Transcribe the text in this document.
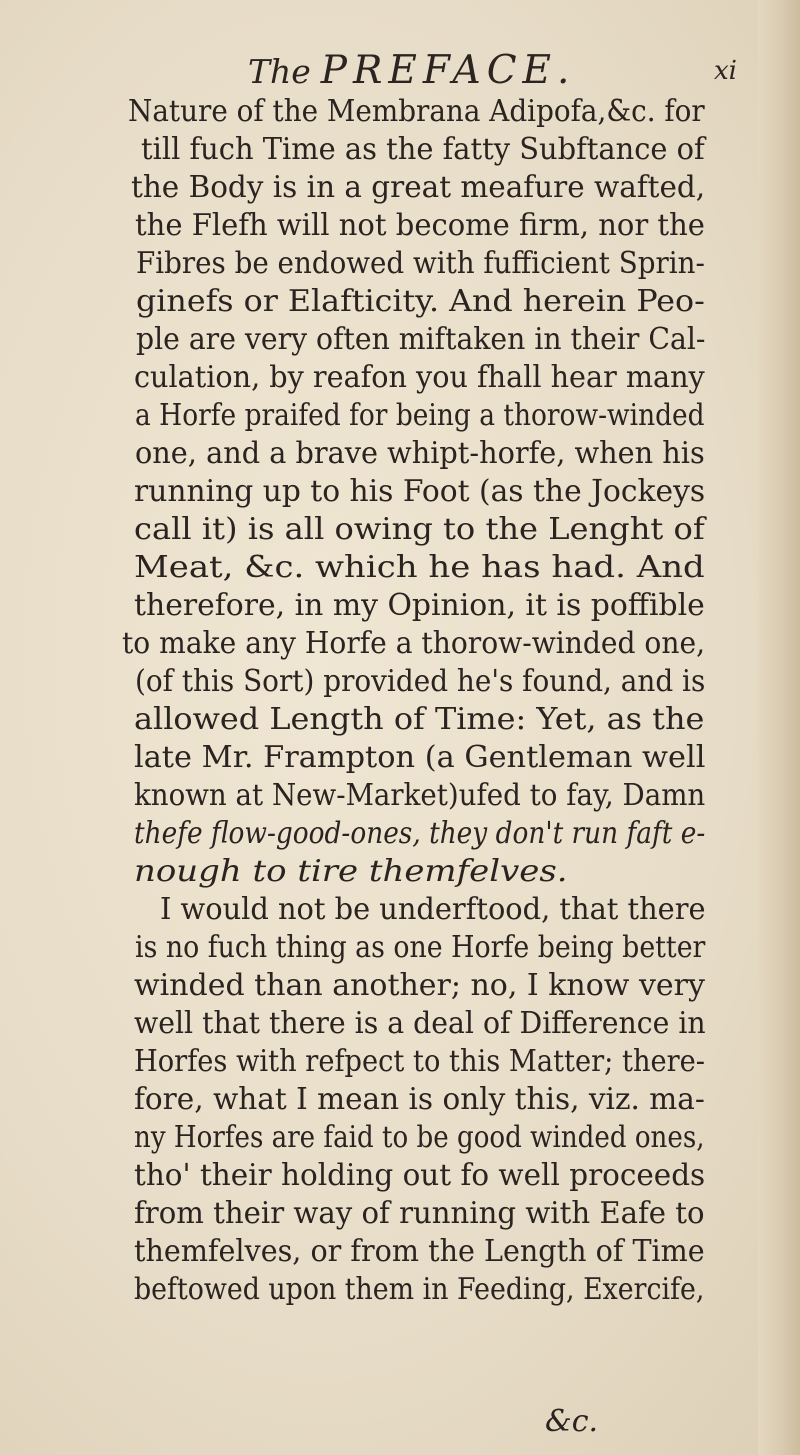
The PREFACE.	xi
Nature of the Membrana Adipofa,&c. for
till fuch Time as the fatty Subftance of
the Body is in a great meafure wafted,
the Flefh will not become firm, nor the
Fibres be endowed with fufficient Sprin-
ginefs or Elafticity. And herein Peo-
ple are very often miftaken in their Cal-
culation, by reafon you fhall hear many
a Horfe praifed for being a thorow-winded
one, and a brave whipt-horfe, when his
running up to his Foot (as the Jockeys
call it) is all owing to the Lenght of
Meat, &c. which he has had. And
therefore, in my Opinion, it is poffible
to make any Horfe a thorow-winded one,
(of this Sort) provided he's found, and is
allowed Length of Time: Yet, as the
late Mr. Frampton (a Gentleman well
known at New-Market)ufed to fay, Damn
thefe flow-good-ones, they don't run faft e-
nough to tire themfelves.
I would not be underftood, that there
is no fuch thing as one Horfe being better
winded than another; no, I know very
well that there is a deal of Difference in
Horfes with refpect to this Matter; there-
fore, what I mean is only this, viz. ma-
ny Horfes are faid to be good winded ones,
tho' their holding out fo well proceeds
from their way of running with Eafe to
themfelves, or from the Length of Time
beftowed upon them in Feeding, Exercife,
&c.
